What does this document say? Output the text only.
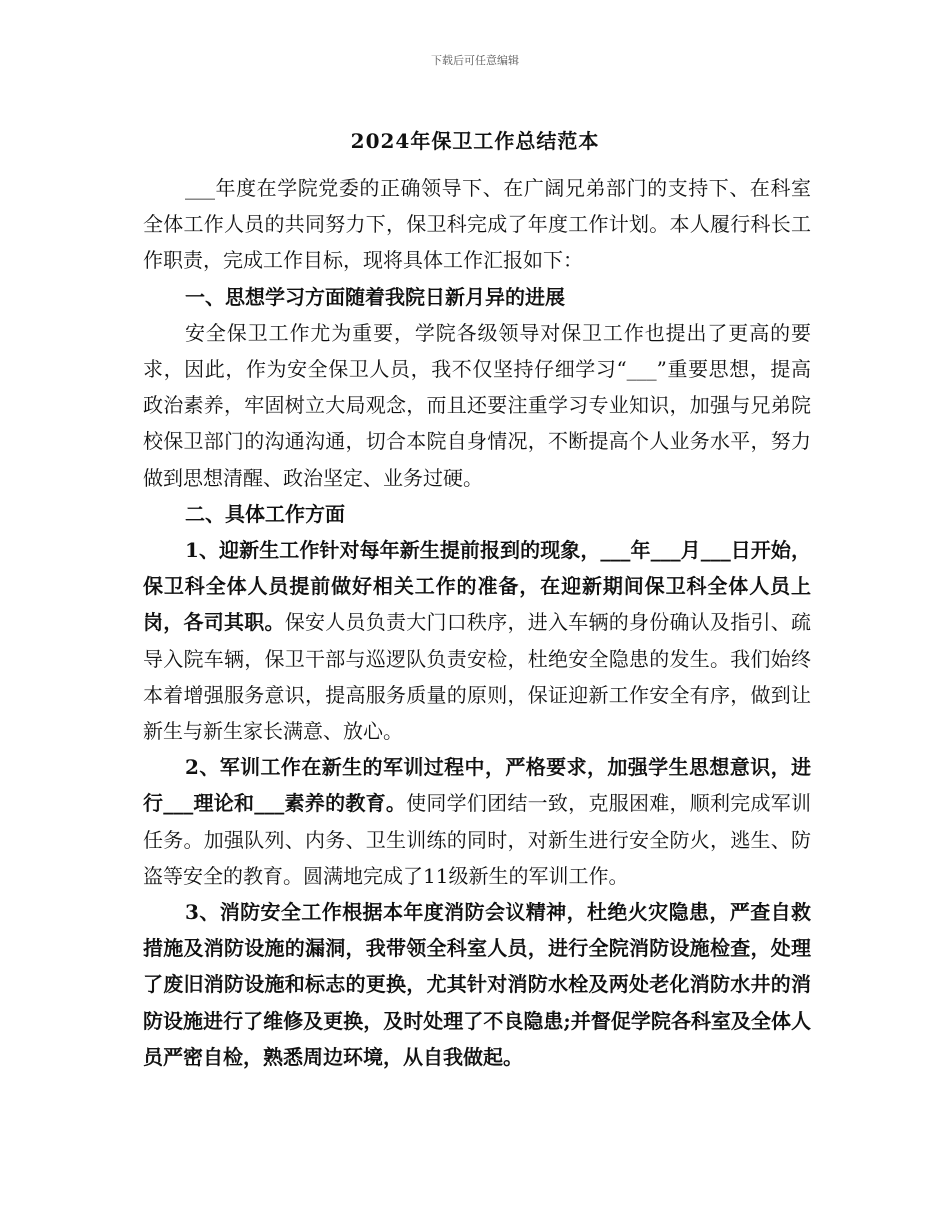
下载后可任意编辑
2024年保卫工作总结范本

___年度在学院党委的正确领导下、在广阔兄弟部门的支持下、在科室全体工作人员的共同努力下，保卫科完成了年度工作计划。本人履行科长工作职责，完成工作目标，现将具体工作汇报如下：

一、思想学习方面随着我院日新月异的进展

安全保卫工作尤为重要，学院各级领导对保卫工作也提出了更高的要求，因此，作为安全保卫人员，我不仅坚持仔细学习“___”重要思想，提高政治素养，牢固树立大局观念，而且还要注重学习专业知识，加强与兄弟院校保卫部门的沟通沟通，切合本院自身情况，不断提高个人业务水平，努力做到思想清醒、政治坚定、业务过硬。

二、具体工作方面

1、迎新生工作针对每年新生提前报到的现象，___年___月___日开始，保卫科全体人员提前做好相关工作的准备，在迎新期间保卫科全体人员上岗，各司其职。保安人员负责大门口秩序，进入车辆的身份确认及指引、疏导入院车辆，保卫干部与巡逻队负责安检，杜绝安全隐患的发生。我们始终本着增强服务意识，提高服务质量的原则，保证迎新工作安全有序，做到让新生与新生家长满意、放心。

2、军训工作在新生的军训过程中，严格要求，加强学生思想意识，进行___理论和___素养的教育。使同学们团结一致，克服困难，顺利完成军训任务。加强队列、内务、卫生训练的同时，对新生进行安全防火，逃生、防盗等安全的教育。圆满地完成了11级新生的军训工作。

3、消防安全工作根据本年度消防会议精神，杜绝火灾隐患，严查自救措施及消防设施的漏洞，我带领全科室人员，进行全院消防设施检查，处理了废旧消防设施和标志的更换，尤其针对消防水栓及两处老化消防水井的消防设施进行了维修及更换，及时处理了不良隐患;并督促学院各科室及全体人员严密自检，熟悉周边环境，从自我做起。
